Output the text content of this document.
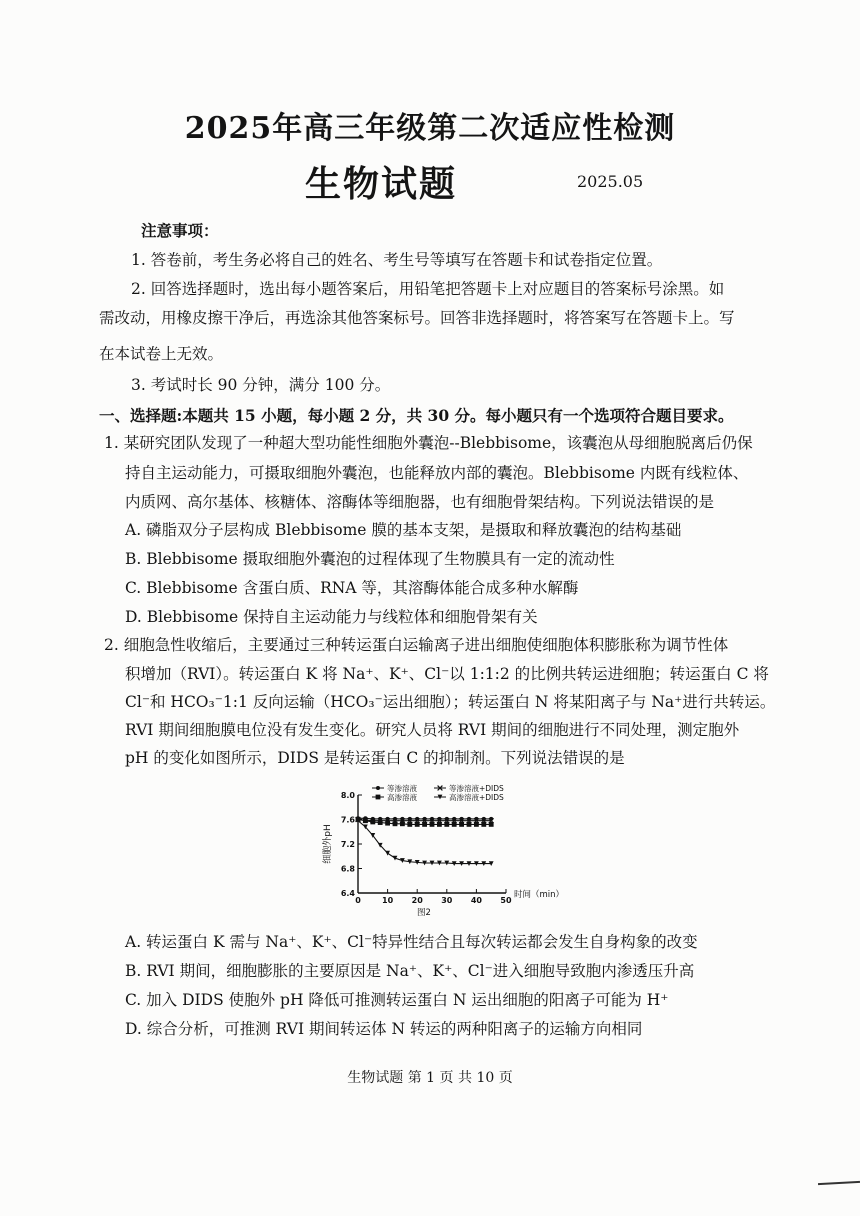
2025年高三年级第二次适应性检测
生物试题	2025.05
注意事项：
1. 答卷前，考生务必将自己的姓名、考生号等填写在答题卡和试卷指定位置。
2. 回答选择题时，选出每小题答案后，用铅笔把答题卡上对应题目的答案标号涂黑。如
需改动，用橡皮擦干净后，再选涂其他答案标号。回答非选择题时，将答案写在答题卡上。写
在本试卷上无效。
3. 考试时长 90 分钟，满分 100 分。
一、选择题:本题共 15 小题，每小题 2 分，共 30 分。每小题只有一个选项符合题目要求。
1. 某研究团队发现了一种超大型功能性细胞外囊泡--Blebbisome，该囊泡从母细胞脱离后仍保
持自主运动能力，可摄取细胞外囊泡，也能释放内部的囊泡。Blebbisome 内既有线粒体、
内质网、高尔基体、核糖体、溶酶体等细胞器，也有细胞骨架结构。下列说法错误的是
A. 磷脂双分子层构成 Blebbisome 膜的基本支架，是摄取和释放囊泡的结构基础
B. Blebbisome 摄取细胞外囊泡的过程体现了生物膜具有一定的流动性
C. Blebbisome 含蛋白质、RNA 等，其溶酶体能合成多种水解酶
D. Blebbisome 保持自主运动能力与线粒体和细胞骨架有关
2. 细胞急性收缩后，主要通过三种转运蛋白运输离子进出细胞使细胞体积膨胀称为调节性体
积增加（RVI）。转运蛋白 K 将 Na⁺、K⁺、Cl⁻以 1:1:2 的比例共转运进细胞；转运蛋白 C 将
Cl⁻和 HCO₃⁻1:1 反向运输（HCO₃⁻运出细胞）；转运蛋白 N 将某阳离子与 Na⁺进行共转运。
RVI 期间细胞膜电位没有发生变化。研究人员将 RVI 期间的细胞进行不同处理，测定胞外
pH 的变化如图所示，DIDS 是转运蛋白 C 的抑制剂。下列说法错误的是
6.4
6.8
7.2
7.6
8.0
0	10 20 30 40 50
细胞外pH
时间（min）
图2
等渗溶液	等渗溶液+DIDS
高渗溶液	高渗溶液+DIDS
A. 转运蛋白 K 需与 Na⁺、K⁺、Cl⁻特异性结合且每次转运都会发生自身构象的改变
B. RVI 期间，细胞膨胀的主要原因是 Na⁺、K⁺、Cl⁻进入细胞导致胞内渗透压升高
C. 加入 DIDS 使胞外 pH 降低可推测转运蛋白 N 运出细胞的阳离子可能为 H⁺
D. 综合分析，可推测 RVI 期间转运体 N 转运的两种阳离子的运输方向相同
生物试题 第 1 页 共 10 页
